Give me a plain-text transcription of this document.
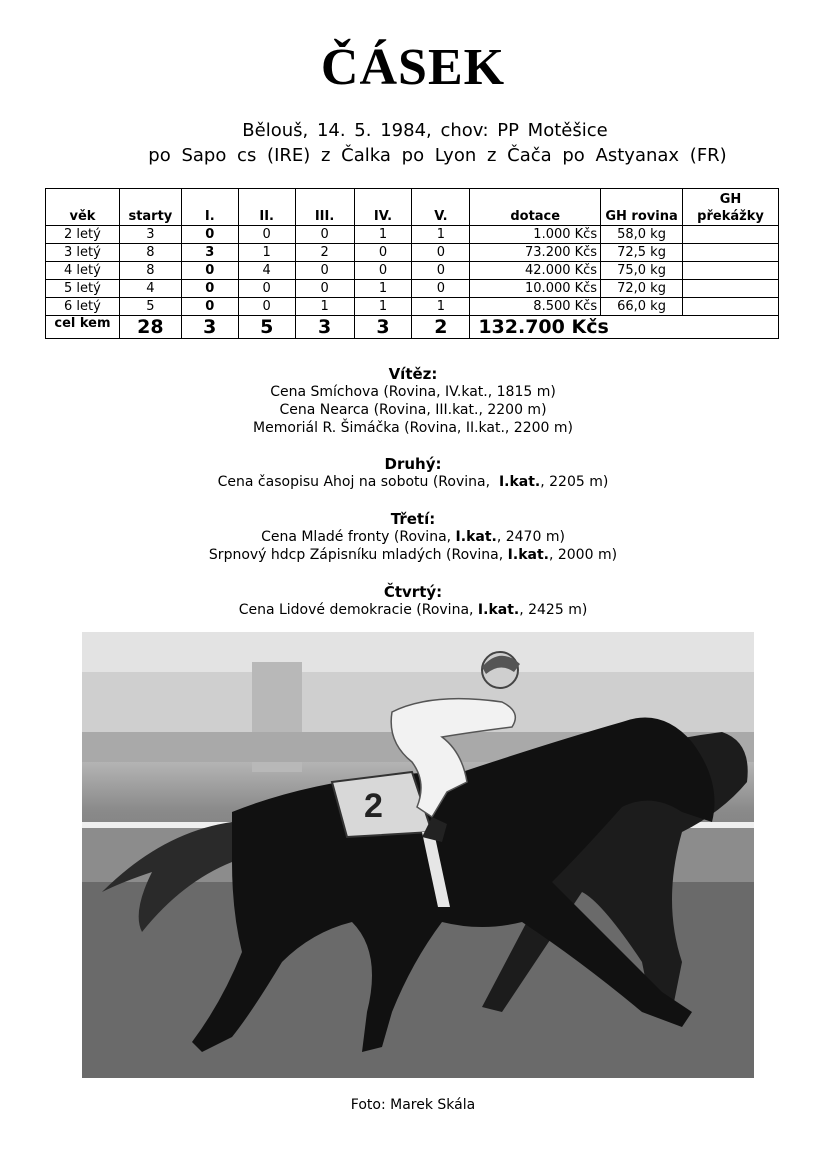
ČÁSEK
Bělouš, 14. 5. 1984, chov: PP Motěšice
po Sapo cs (IRE) z Čalka po Lyon z Čača po Astyanax (FR)
věk	starty	I.	II.	III.	IV.	V.	dotace	GH rovina	GH překážky
2 letý	3	0	0	0	1	1	1.000 Kčs	58,0 kg	
3 letý	8	3	1	2	0	0	73.200 Kčs	72,5 kg	
4 letý	8	0	4	0	0	0	42.000 Kčs	75,0 kg	
5 letý	4	0	0	0	1	0	10.000 Kčs	72,0 kg	
6 letý	5	0	0	1	1	1	8.500 Kčs	66,0 kg	
cel kem	28	3	5	3	3	2	132.700 Kčs		
Vítěz:
Cena Smíchova (Rovina, IV.kat., 1815 m)
Cena Nearca (Rovina, III.kat., 2200 m)
Memoriál R. Šimáčka (Rovina, II.kat., 2200 m)
Druhý:
Cena časopisu Ahoj na sobotu (Rovina,  I.kat., 2205 m)
Třetí:
Cena Mladé fronty (Rovina, I.kat., 2470 m)
Srpnový hdcp Zápisníku mladých (Rovina, I.kat., 2000 m)
Čtvrtý:
Cena Lidové demokracie (Rovina, I.kat., 2425 m)
2
Foto: Marek Skála
